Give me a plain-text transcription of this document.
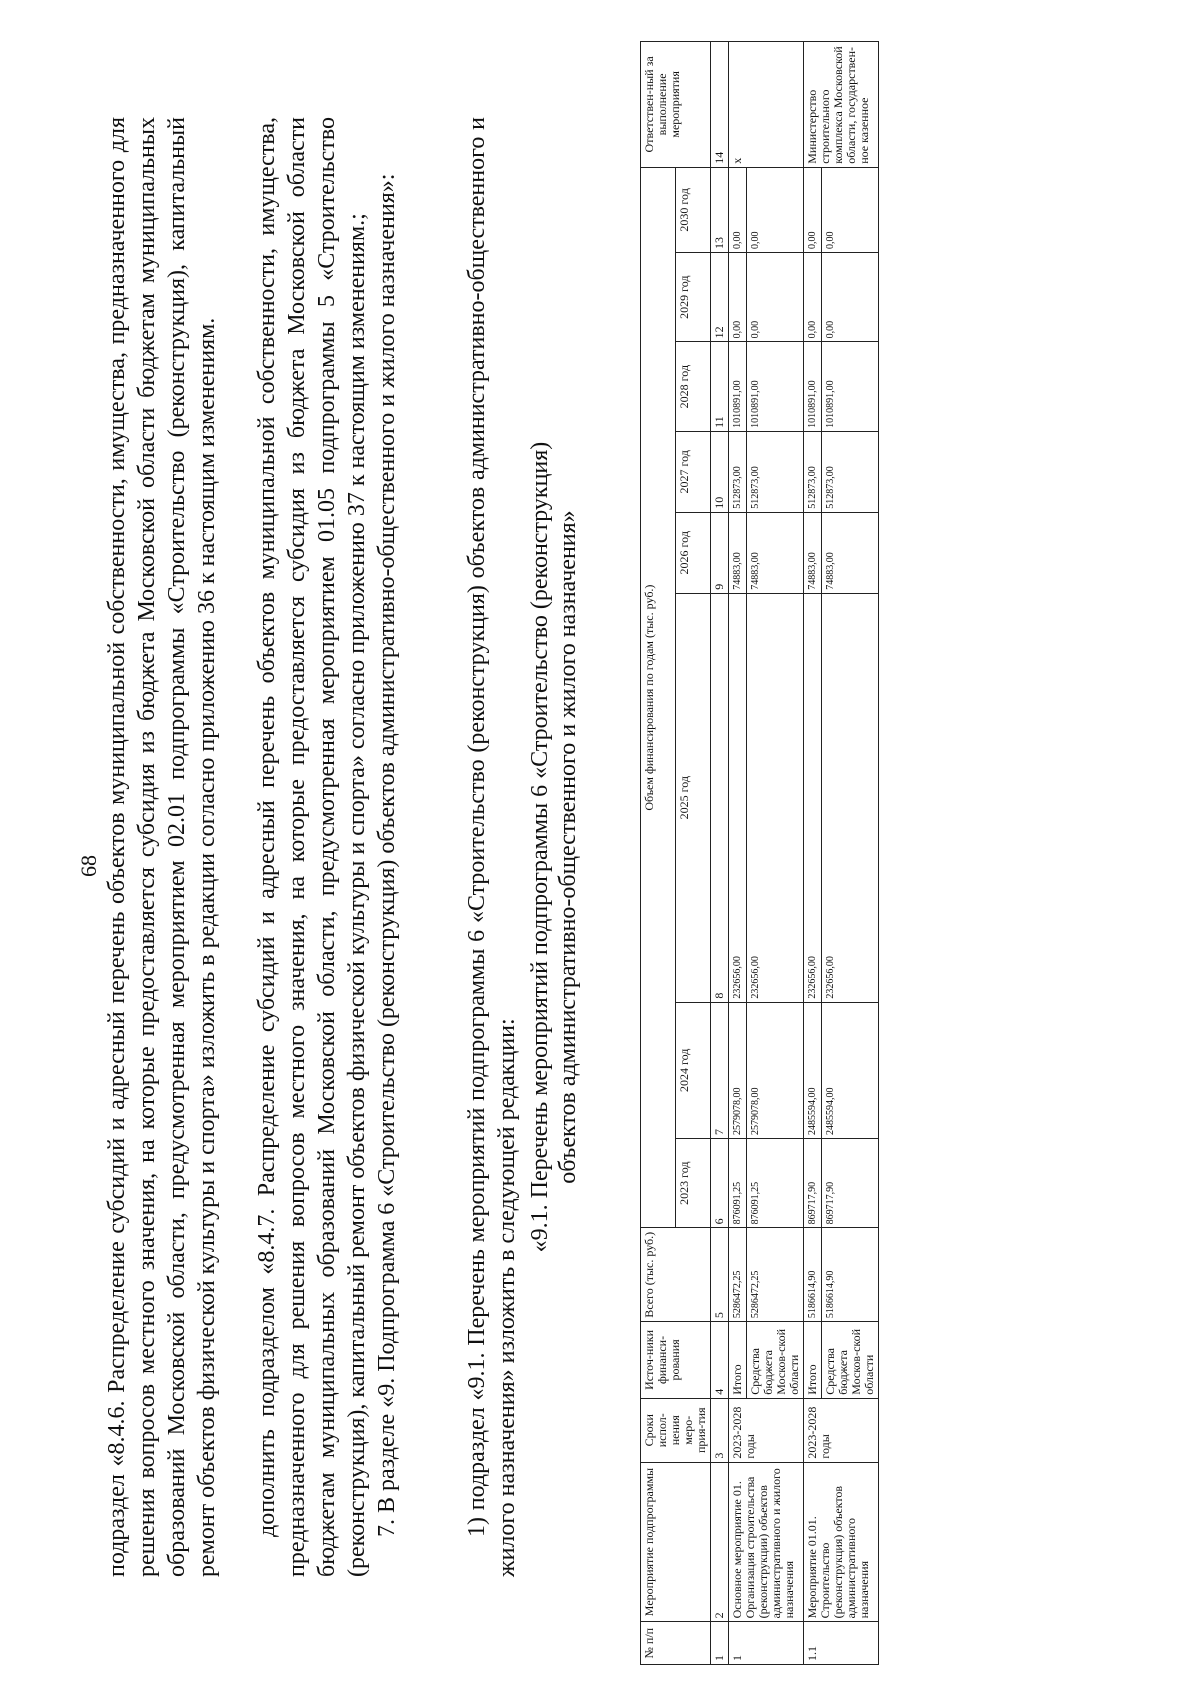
68 подраздел «8.4.6. Распределение субсидий и адресный перечень объектов муниципальной собственности, имущества, предназначенного для решения вопросов местного значения, на которые предоставляется субсидия из бюджета Московской области бюджетам муниципальных образований Московской области, предусмотренная мероприятием 02.01 подпрограммы «Строительство (реконструкция), капитальный ремонт объектов физической культуры и спорта» изложить в редакции согласно приложению 36 к настоящим изменениям. дополнить подразделом «8.4.7. Распределение субсидий и адресный перечень объектов муниципальной собственности, имущества, предназначенного для решения вопросов местного значения, на которые предоставляется субсидия из бюджета Московской области бюджетам муниципальных образований Московской области, предусмотренная мероприятием 01.05 подпрограммы 5 «Строительство (реконструкция), капитальный ремонт объектов физической культуры и спорта» согласно приложению 37 к настоящим изменениям.; 7. В разделе «9. Подпрограмма 6 «Строительство (реконструкция) объектов административно-общественного и жилого назначения»:	1) подраздел «9.1. Перечень мероприятий подпрограммы 6 «Строительство (реконструкция) объектов административно-общественного и жилого назначения» изложить в следующей редакции:

«9.1. Перечень мероприятий подпрограммы 6 «Строительство (реконструкция) объектов административно-общественного и жилого назначения»
№ п/п	Мероприятие подпрограммы	Сроки испол-нения меро-прия-тия	Источ-ники финанси-рования	Всего (тыс. руб.)	Объем финансирования по годам (тыс. руб.)								Ответствен-ный за выполнение мероприятия
					2023 год	2024 год	2025 год	2026 год	2027 год	2028 год	2029 год	2030 год	
1	2	3	4	5	6	7	8	9	10	11	12	13	14
1	Основное мероприятие 01. Организация строительства (реконструкции) объектов административного и жилого назначения	2023-2028 годы	Итого	5286472,25	876091,25	2579078,00	232656,00	74883,00	512873,00	1010891,00	0,00	0,00	х
			Средства бюджета Москов-ской области	5286472,25	876091,25	2579078,00	232656,00	74883,00	512873,00	1010891,00	0,00	0,00	
1.1	Мероприятие 01.01. Строительство (реконструкция) объектов административного назначения	2023-2028 годы	Итого	5186614,90	869717,90	2485594,00	232656,00	74883,00	512873,00	1010891,00	0,00	0,00	Министерство строительного комплекса Московской области, государствен-ное казенное
			Средства бюджета Москов-ской области	5186614,90	869717,90	2485594,00	232656,00	74883,00	512873,00	1010891,00	0,00	0,00	
